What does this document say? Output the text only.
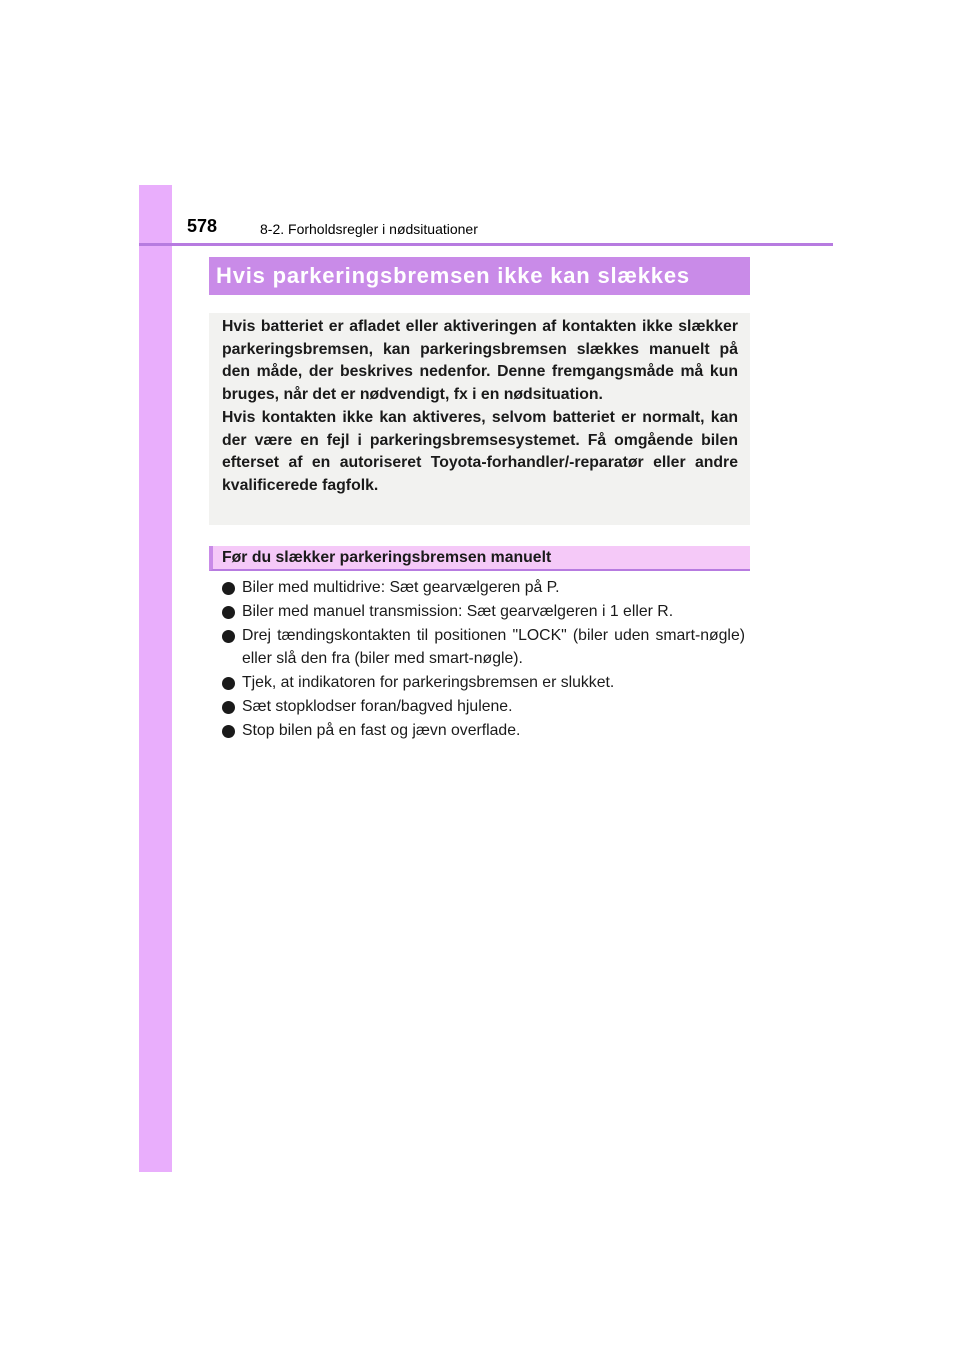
578	8-2. Forholdsregler i nødsituationer
Hvis parkeringsbremsen ikke kan slækkes

Hvis batteriet er afladet eller aktiveringen af kontakten ikke slækker parkeringsbremsen, kan parkeringsbremsen slækkes manuelt på den måde, der beskrives nedenfor. Denne fremgangsmåde må kun bruges, når det er nødvendigt, fx i en nødsituation.

Hvis kontakten ikke kan aktiveres, selvom batteriet er normalt, kan der være en fejl i parkeringsbremsesystemet. Få omgående bilen efterset af en autoriseret Toyota-forhandler/-reparatør eller andre kvalificerede fagfolk.

Før du slækker parkeringsbremsen manuelt
Biler med multidrive: Sæt gearvælgeren på P.
Biler med manuel transmission: Sæt gearvælgeren i 1 eller R.
Drej tændingskontakten til positionen "LOCK" (biler uden smart-nøgle) eller slå den fra (biler med smart-nøgle).
Tjek, at indikatoren for parkeringsbremsen er slukket.
Sæt stopklodser foran/bagved hjulene.
Stop bilen på en fast og jævn overflade.
